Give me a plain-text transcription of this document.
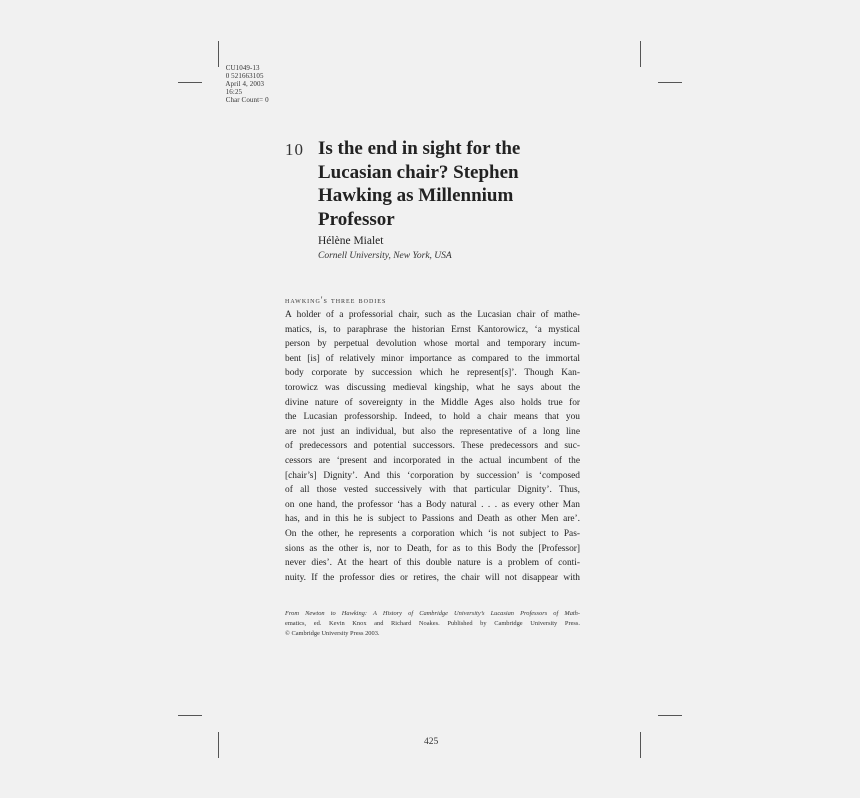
CU1049-13
0 521663105
April 4, 2003
16:25
Char Count= 0

10 Is the end in sight for the Lucasian chair? Stephen Hawking as Millennium Professor
Hélène Mialet
Cornell University, New York, USA
hawking's three bodies
A holder of a professorial chair, such as the Lucasian chair of mathe-
matics, is, to paraphrase the historian Ernst Kantorowicz, ‘a mystical
person by perpetual devolution whose mortal and temporary incum-
bent [is] of relatively minor importance as compared to the immortal
body corporate by succession which he represent[s]’. Though Kan-
torowicz was discussing medieval kingship, what he says about the
divine nature of sovereignty in the Middle Ages also holds true for
the Lucasian professorship. Indeed, to hold a chair means that you
are not just an individual, but also the representative of a long line
of predecessors and potential successors. These predecessors and suc-
cessors are ‘present and incorporated in the actual incumbent of the
[chair’s] Dignity’. And this ‘corporation by succession’ is ‘composed
of all those vested successively with that particular Dignity’. Thus,
on one hand, the professor ‘has a Body natural . . . as every other Man
has, and in this he is subject to Passions and Death as other Men are’.
On the other, he represents a corporation which ‘is not subject to Pas-
sions as the other is, nor to Death, for as to this Body the [Professor]
never dies’. At the heart of this double nature is a problem of conti-
nuity. If the professor dies or retires, the chair will not disappear with
From Newton to Hawking: A History of Cambridge University’s Lucasian Professors of Math-
ematics, ed. Kevin Knox and Richard Noakes. Published by Cambridge University Press.
© Cambridge University Press 2003.
425
